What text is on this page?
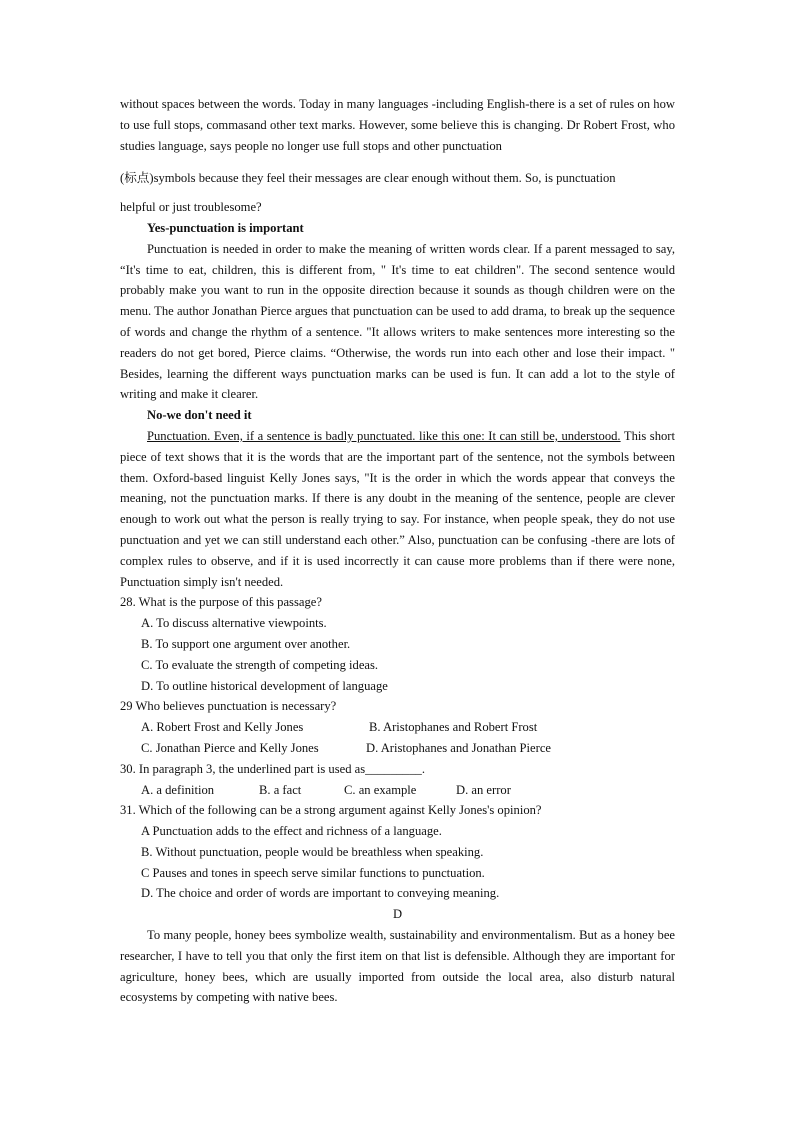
without spaces between the words. Today in many languages -including English-there is a set of rules on how to use full stops, commasand other text marks. However, some believe this is changing. Dr Robert Frost, who studies language, says people no longer use full stops and other punctuation

(标点)symbols because they feel their messages are clear enough without them. So, is punctuation

helpful or just troublesome?

Yes-punctuation is important

Punctuation is needed in order to make the meaning of written words clear. If a parent messaged to say, “It's time to eat, children, this is different from, " It's time to eat children". The second sentence would probably make you want to run in the opposite direction because it sounds as though children were on the menu. The author Jonathan Pierce argues that punctuation can be used to add drama, to break up the sequence of words and change the rhythm of a sentence. "It allows writers to make sentences more interesting so the readers do not get bored, Pierce claims. “Otherwise, the words run into each other and lose their impact. " Besides, learning the different ways punctuation marks can be used is fun. It can add a lot to the style of writing and make it clearer.

No-we don't need it

Punctuation. Even, if a sentence is badly punctuated. like this one: It can still be, understood. This short piece of text shows that it is the words that are the important part of the sentence, not the symbols between them. Oxford-based linguist Kelly Jones says, "It is the order in which the words appear that conveys the meaning, not the punctuation marks. If there is any doubt in the meaning of the sentence, people are clever enough to work out what the person is really trying to say. For instance, when people speak, they do not use punctuation and yet we can still understand each other.” Also, punctuation can be confusing -there are lots of complex rules to observe, and if it is used incorrectly it can cause more problems than if there were none, Punctuation simply isn't needed.

28. What is the purpose of this passage?

A. To discuss alternative viewpoints.

B. To support one argument over another.

C. To evaluate the strength of competing ideas.

D. To outline historical development of language

29 Who believes punctuation is necessary?

A. Robert Frost and Kelly Jones	B. Aristophanes and Robert Frost
C. Jonathan Pierce and Kelly Jones	D. Aristophanes and Jonathan Pierce

30. In paragraph 3, the underlined part is used as_________.

A. a definition	B. a fact	C. an example	D. an error

31. Which of the following can be a strong argument against Kelly Jones's opinion?

A Punctuation adds to the effect and richness of a language.

B. Without punctuation, people would be breathless when speaking.

C Pauses and tones in speech serve similar functions to punctuation.

D. The choice and order of words are important to conveying meaning.

D

To many people, honey bees symbolize wealth, sustainability and environmentalism. But as a honey bee researcher, I have to tell you that only the first item on that list is defensible. Although they are important for agriculture, honey bees, which are usually imported from outside the local area, also disturb natural ecosystems by competing with native bees.
